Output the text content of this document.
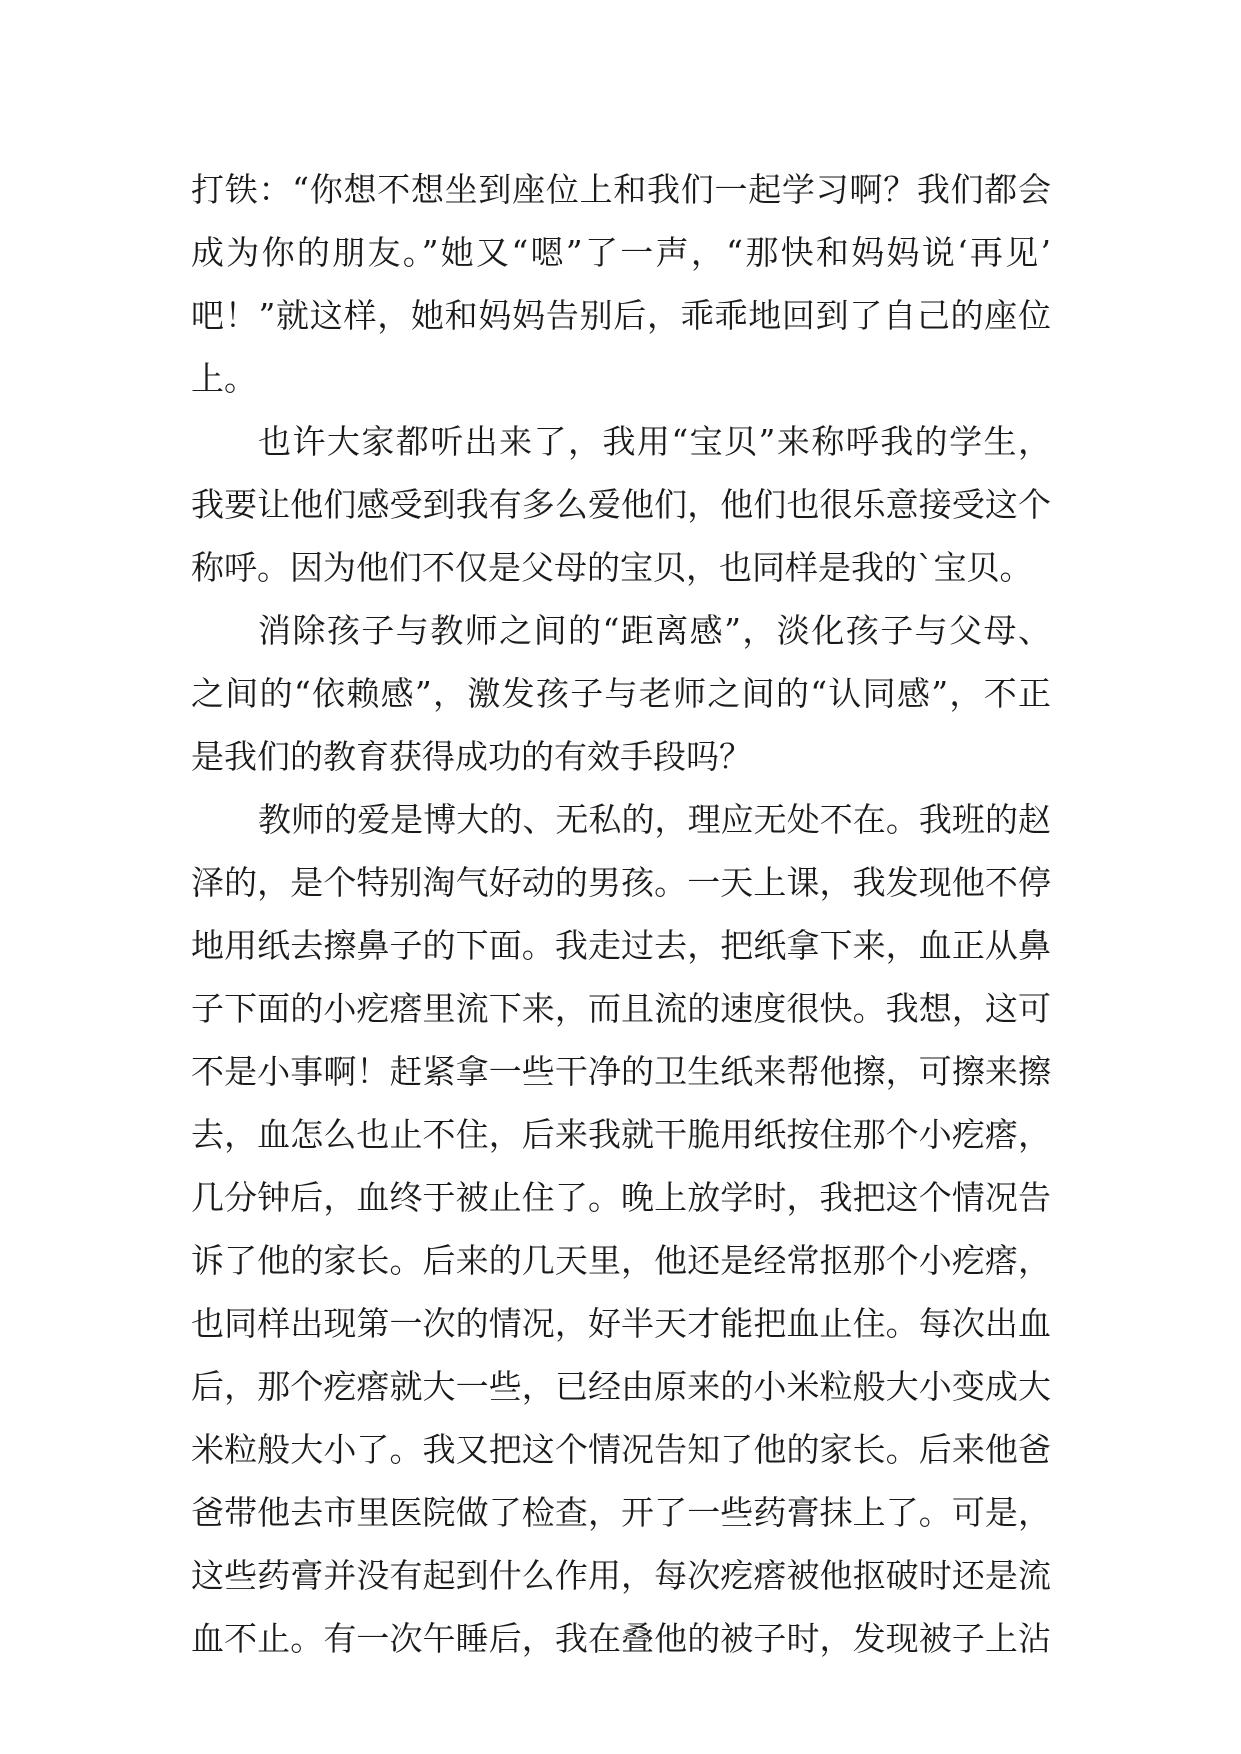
打铁：“你想不想坐到座位上和我们一起学习啊？我们都会
成为你的朋友。”她又“嗯”了一声，“那快和妈妈说‘再见’
吧！”就这样，她和妈妈告别后，乖乖地回到了自己的座位
上。
也许大家都听出来了，我用“宝贝”来称呼我的学生，
我要让他们感受到我有多么爱他们，他们也很乐意接受这个
称呼。因为他们不仅是父母的宝贝，也同样是我的`宝贝。
消除孩子与教师之间的“距离感”，淡化孩子与父母、
之间的“依赖感”，激发孩子与老师之间的“认同感”，不正
是我们的教育获得成功的有效手段吗？
教师的爱是博大的、无私的，理应无处不在。我班的赵
泽的，是个特别淘气好动的男孩。一天上课，我发现他不停
地用纸去擦鼻子的下面。我走过去，把纸拿下来，血正从鼻
子下面的小疙瘩里流下来，而且流的速度很快。我想，这可
不是小事啊！赶紧拿一些干净的卫生纸来帮他擦，可擦来擦
去，血怎么也止不住，后来我就干脆用纸按住那个小疙瘩，
几分钟后，血终于被止住了。晚上放学时，我把这个情况告
诉了他的家长。后来的几天里，他还是经常抠那个小疙瘩，
也同样出现第一次的情况，好半天才能把血止住。每次出血
后，那个疙瘩就大一些，已经由原来的小米粒般大小变成大
米粒般大小了。我又把这个情况告知了他的家长。后来他爸
爸带他去市里医院做了检查，开了一些药膏抹上了。可是，
这些药膏并没有起到什么作用，每次疙瘩被他抠破时还是流
血不止。有一次午睡后，我在叠他的被子时，发现被子上沾
